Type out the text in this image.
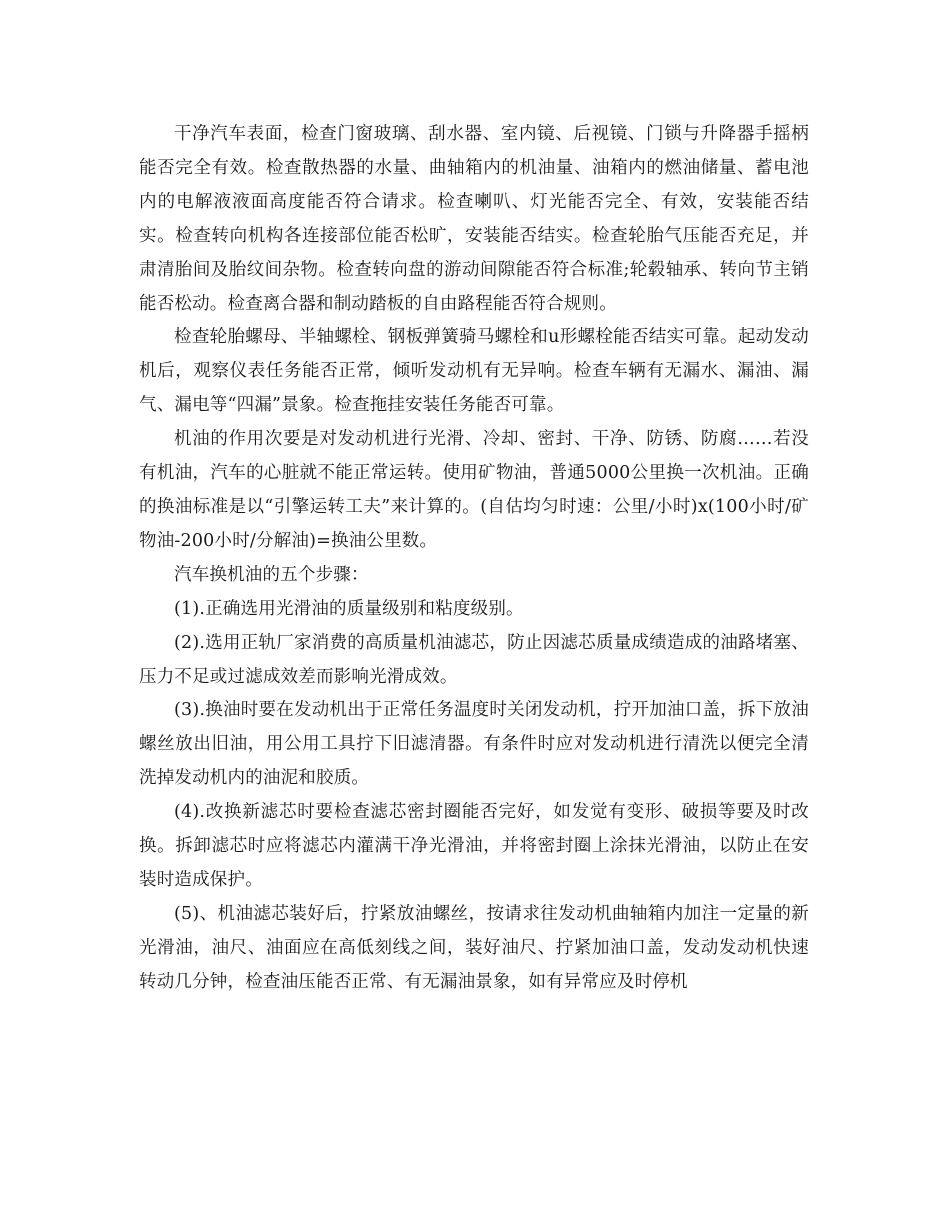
干净汽车表面，检查门窗玻璃、刮水器、室内镜、后视镜、门锁与升降器手摇柄能否完全有效。检查散热器的水量、曲轴箱内的机油量、油箱内的燃油储量、蓄电池内的电解液液面高度能否符合请求。检查喇叭、灯光能否完全、有效，安装能否结实。检查转向机构各连接部位能否松旷，安装能否结实。检查轮胎气压能否充足，并肃清胎间及胎纹间杂物。检查转向盘的游动间隙能否符合标准;轮毂轴承、转向节主销能否松动。检查离合器和制动踏板的自由路程能否符合规则。

检查轮胎螺母、半轴螺栓、钢板弹簧骑马螺栓和u形螺栓能否结实可靠。起动发动机后，观察仪表任务能否正常，倾听发动机有无异响。检查车辆有无漏水、漏油、漏气、漏电等“四漏”景象。检查拖挂安装任务能否可靠。

机油的作用次要是对发动机进行光滑、冷却、密封、干净、防锈、防腐……若没有机油，汽车的心脏就不能正常运转。使用矿物油，普通5000公里换一次机油。正确的换油标准是以“引擎运转工夫”来计算的。(自估均匀时速：公里/小时)x(100小时/矿物油-200小时/分解油)=换油公里数。

汽车换机油的五个步骤：

(1).正确选用光滑油的质量级别和粘度级别。

(2).选用正轨厂家消费的高质量机油滤芯，防止因滤芯质量成绩造成的油路堵塞、压力不足或过滤成效差而影响光滑成效。

(3).换油时要在发动机出于正常任务温度时关闭发动机，拧开加油口盖，拆下放油螺丝放出旧油，用公用工具拧下旧滤清器。有条件时应对发动机进行清洗以便完全清洗掉发动机内的油泥和胶质。

(4).改换新滤芯时要检查滤芯密封圈能否完好，如发觉有变形、破损等要及时改换。拆卸滤芯时应将滤芯内灌满干净光滑油，并将密封圈上涂抹光滑油，以防止在安装时造成保护。

(5)、机油滤芯装好后，拧紧放油螺丝，按请求往发动机曲轴箱内加注一定量的新光滑油，油尺、油面应在高低刻线之间，装好油尺、拧紧加油口盖，发动发动机快速转动几分钟，检查油压能否正常、有无漏油景象，如有异常应及时停机
